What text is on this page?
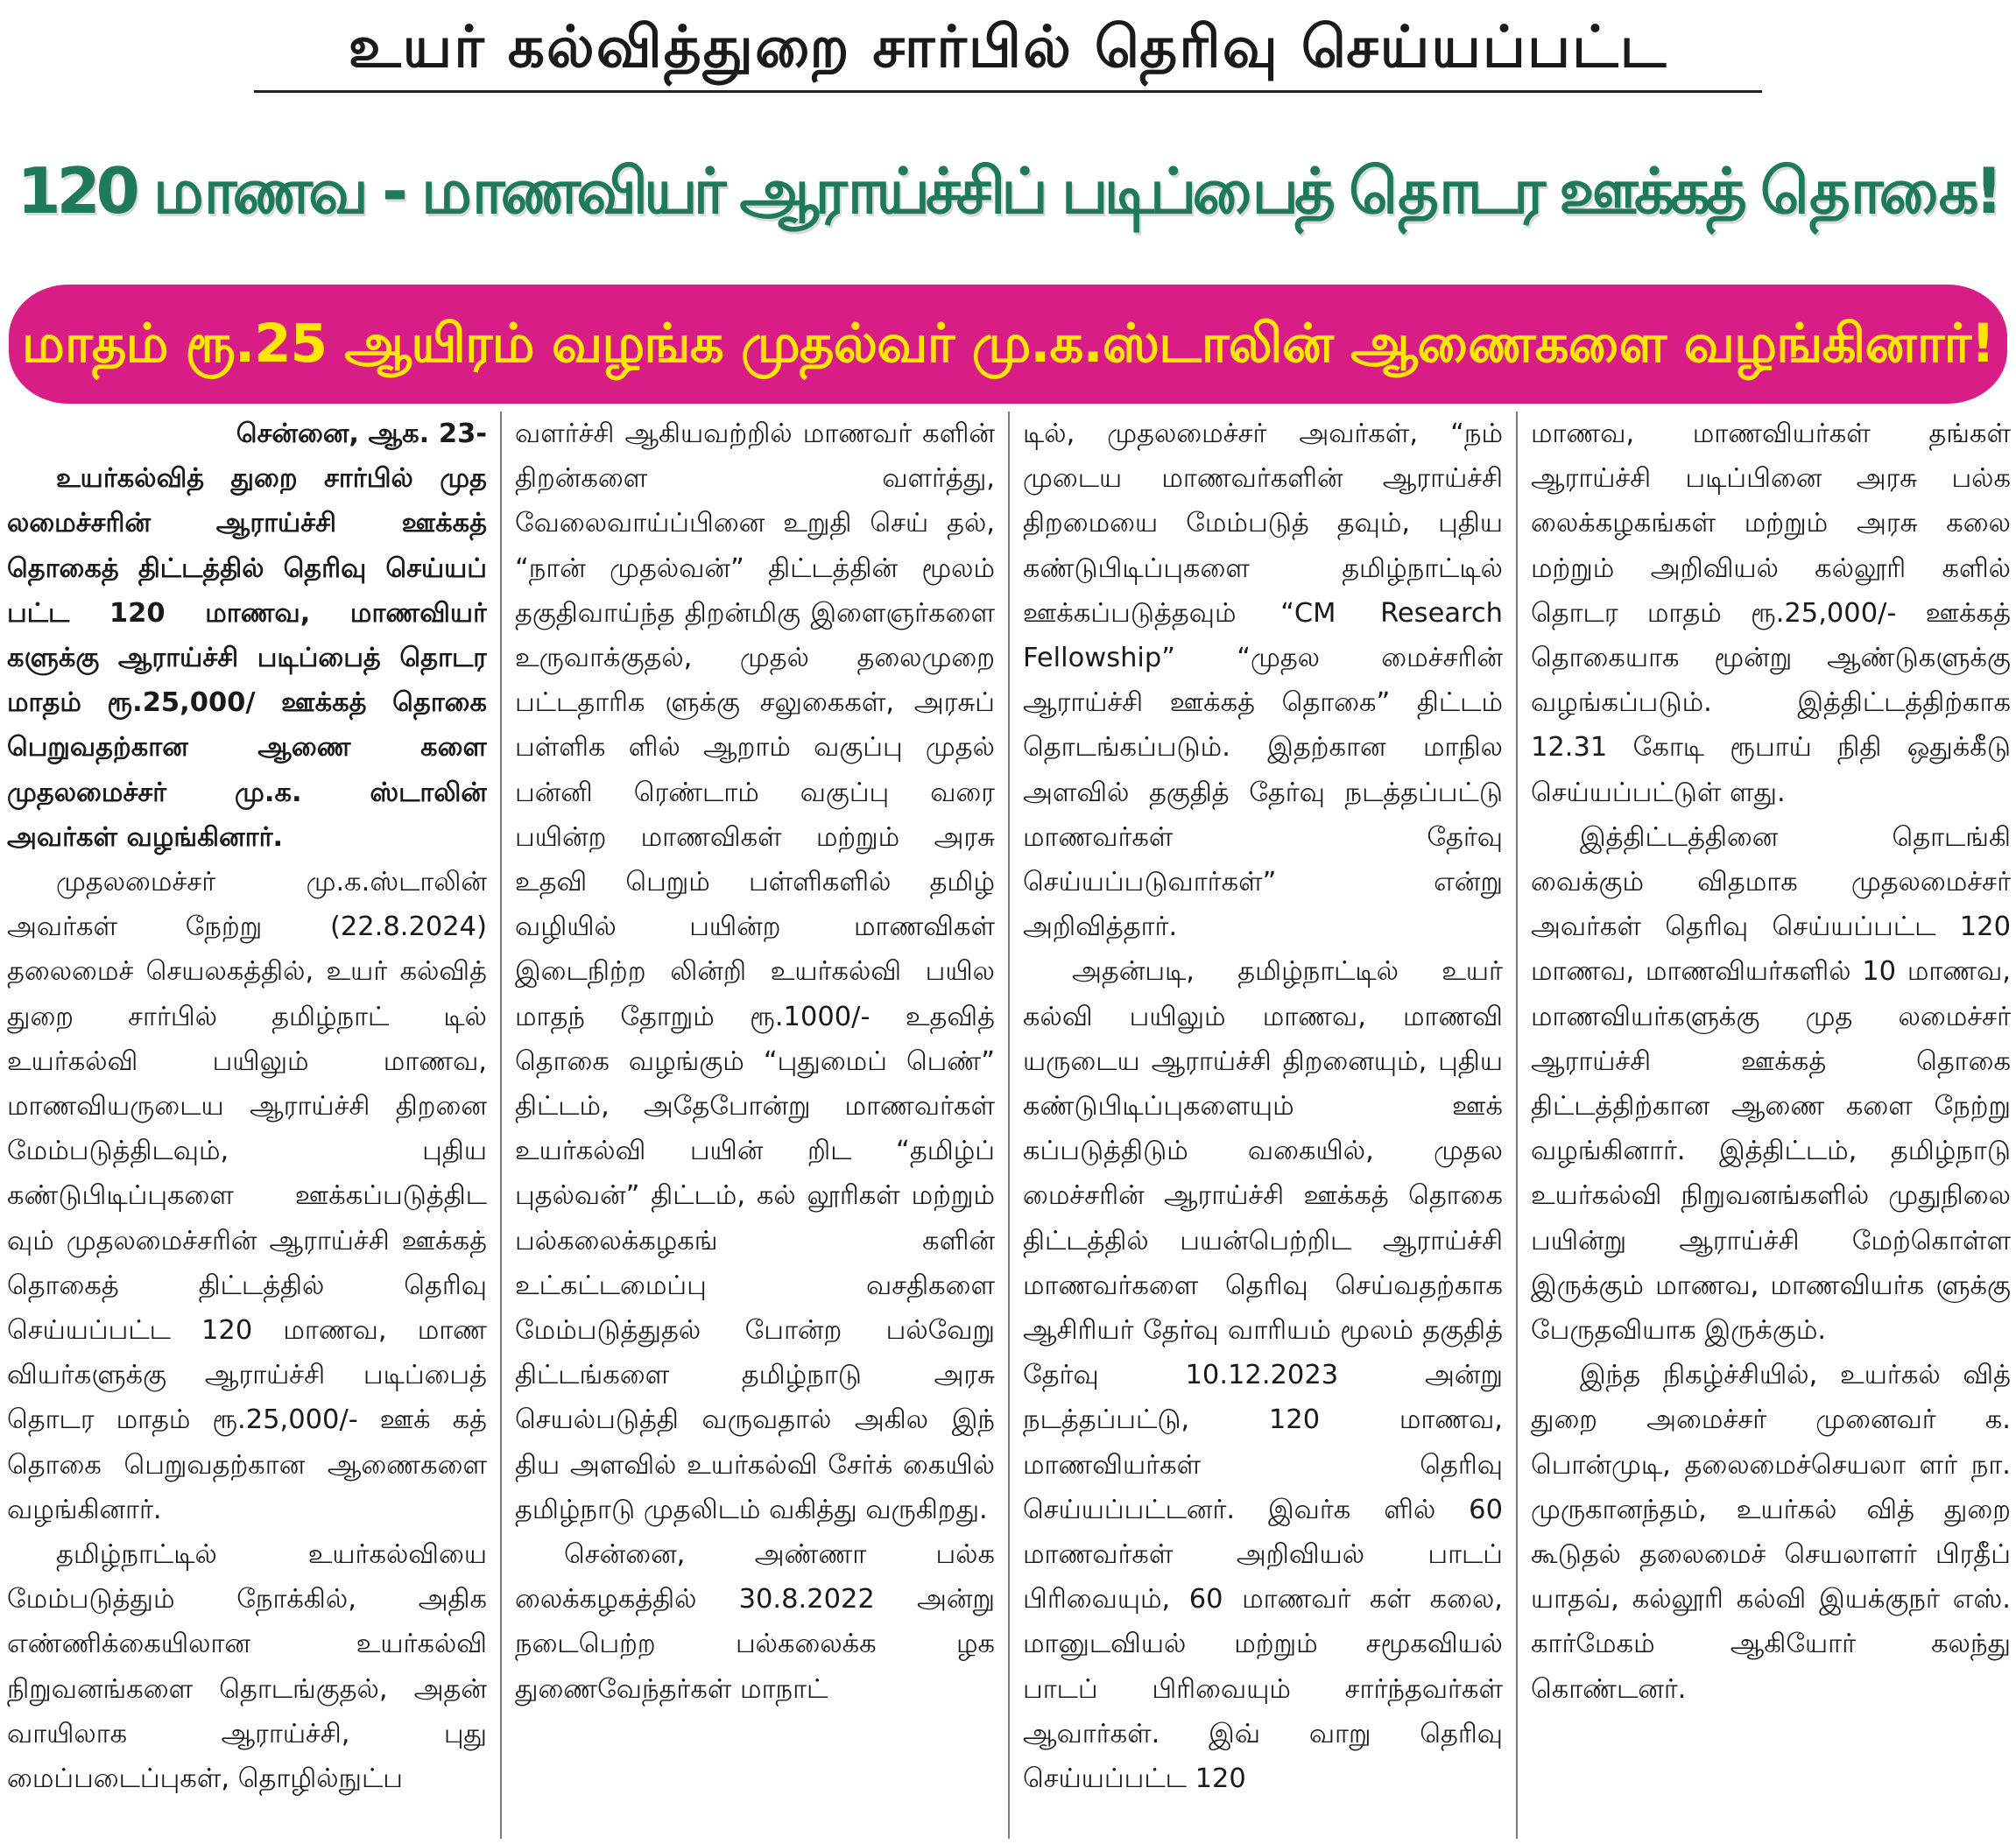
உயர் கல்வித்துறை சார்பில் தெரிவு செய்யப்பட்ட
120 மாணவ - மாணவியர் ஆராய்ச்சிப் படிப்பைத் தொடர ஊக்கத் தொகை!
மாதம் ரூ.25 ஆயிரம் வழங்க முதல்வர் மு.க.ஸ்டாலின் ஆணைகளை வழங்கினார்!

சென்னை, ஆக. 23-

உயர்கல்வித் துறை சார்பில் முத லமைச்சரின் ஆராய்ச்சி ஊக்கத் தொகைத் திட்டத்தில் தெரிவு செய்யப் பட்ட 120 மாணவ, மாணவியர் களுக்கு ஆராய்ச்சி படிப்பைத் தொடர மாதம் ரூ.25,000/ ஊக்கத் தொகை பெறுவதற்கான ஆணை களை முதலமைச்சர் மு.க. ஸ்டாலின் அவர்கள் வழங்கினார்.

முதலமைச்சர் மு.க.ஸ்டாலின் அவர்கள் நேற்று (22.8.2024) தலைமைச் செயலகத்தில், உயர் கல்வித் துறை சார்பில் தமிழ்நாட் டில் உயர்கல்வி பயிலும் மாணவ, மாணவியருடைய ஆராய்ச்சி திறனை மேம்படுத்திடவும், புதிய கண்டுபிடிப்புகளை ஊக்கப்படுத்திட வும் முதலமைச்சரின் ஆராய்ச்சி ஊக்கத் தொகைத் திட்டத்தில் தெரிவு செய்யப்பட்ட 120 மாணவ, மாண வியர்களுக்கு ஆராய்ச்சி படிப்பைத் தொடர மாதம் ரூ.25,000/- ஊக் கத் தொகை பெறுவதற்கான ஆணைகளை வழங்கினார்.

தமிழ்நாட்டில் உயர்கல்வியை மேம்படுத்தும் நோக்கில், அதிக எண்ணிக்கையிலான உயர்கல்வி நிறுவனங்களை தொடங்குதல், அதன் வாயிலாக ஆராய்ச்சி, புது மைப்படைப்புகள், தொழில்நுட்ப

வளர்ச்சி ஆகியவற்றில் மாணவர் களின் திறன்களை வளர்த்து, வேலைவாய்ப்பினை உறுதி செய் தல், “நான் முதல்வன்” திட்டத்தின் மூலம் தகுதிவாய்ந்த திறன்மிகு இளைஞர்களை உருவாக்குதல், முதல் தலைமுறை பட்டதாரிக ளுக்கு சலுகைகள், அரசுப் பள்ளிக ளில் ஆறாம் வகுப்பு முதல் பன்னி ரெண்டாம் வகுப்பு வரை பயின்ற மாணவிகள் மற்றும் அரசு உதவி பெறும் பள்ளிகளில் தமிழ் வழியில் பயின்ற மாணவிகள் இடைநிற்ற லின்றி உயர்கல்வி பயில மாதந் தோறும் ரூ.1000/- உதவித் தொகை வழங்கும் “புதுமைப் பெண்” திட்டம், அதேபோன்று மாணவர்கள் உயர்கல்வி பயின் றிட “தமிழ்ப் புதல்வன்” திட்டம், கல் லூரிகள் மற்றும் பல்கலைக்கழகங் களின் உட்கட்டமைப்பு வசதிகளை மேம்படுத்துதல் போன்ற பல்வேறு திட்டங்களை தமிழ்நாடு அரசு செயல்படுத்தி வருவதால் அகில இந் திய அளவில் உயர்கல்வி சேர்க் கையில் தமிழ்நாடு முதலிடம் வகித்து வருகிறது.

சென்னை, அண்ணா பல்க லைக்கழகத்தில் 30.8.2022 அன்று நடைபெற்ற பல்கலைக்க ழக துணைவேந்தர்கள் மாநாட்

டில், முதலமைச்சர் அவர்கள், “நம் முடைய மாணவர்களின் ஆராய்ச்சி திறமையை மேம்படுத் தவும், புதிய கண்டுபிடிப்புகளை தமிழ்நாட்டில் ஊக்கப்படுத்தவும் “CM Research Fellowship” “முதல மைச்சரின் ஆராய்ச்சி ஊக்கத் தொகை” திட்டம் தொடங்கப்படும். இதற்கான மாநில அளவில் தகுதித் தேர்வு நடத்தப்பட்டு மாணவர்கள் தேர்வு செய்யப்படுவார்கள்” என்று அறிவித்தார்.

அதன்படி, தமிழ்நாட்டில் உயர் கல்வி பயிலும் மாணவ, மாணவி யருடைய ஆராய்ச்சி திறனையும், புதிய கண்டுபிடிப்புகளையும் ஊக் கப்படுத்திடும் வகையில், முதல மைச்சரின் ஆராய்ச்சி ஊக்கத் தொகை திட்டத்தில் பயன்பெற்றிட ஆராய்ச்சி மாணவர்களை தெரிவு செய்வதற்காக ஆசிரியர் தேர்வு வாரியம் மூலம் தகுதித் தேர்வு 10.12.2023 அன்று நடத்தப்பட்டு, 120 மாணவ, மாணவியர்கள் தெரிவு செய்யப்பட்டனர். இவர்க ளில் 60 மாணவர்கள் அறிவியல் பாடப் பிரிவையும், 60 மாணவர் கள் கலை, மானுடவியல் மற்றும் சமூகவியல் பாடப் பிரிவையும் சார்ந்தவர்கள் ஆவார்கள். இவ் வாறு தெரிவு செய்யப்பட்ட 120

மாணவ, மாணவியர்கள் தங்கள் ஆராய்ச்சி படிப்பினை அரசு பல்க லைக்கழகங்கள் மற்றும் அரசு கலை மற்றும் அறிவியல் கல்லூரி களில் தொடர மாதம் ரூ.25,000/- ஊக்கத் தொகையாக மூன்று ஆண்டுகளுக்கு வழங்கப்படும். இத்திட்டத்திற்காக 12.31 கோடி ரூபாய் நிதி ஒதுக்கீடு செய்யப்பட்டுள் ளது.

இத்திட்டத்தினை தொடங்கி வைக்கும் விதமாக முதலமைச்சர் அவர்கள் தெரிவு செய்யப்பட்ட 120 மாணவ, மாணவியர்களில் 10 மாணவ, மாணவியர்களுக்கு முத லமைச்சர் ஆராய்ச்சி ஊக்கத் தொகை திட்டத்திற்கான ஆணை களை நேற்று வழங்கினார். இத்திட்டம், தமிழ்நாடு உயர்கல்வி நிறுவனங்களில் முதுநிலை பயின்று ஆராய்ச்சி மேற்கொள்ள இருக்கும் மாணவ, மாணவியர்க ளுக்கு பேருதவியாக இருக்கும்.

இந்த நிகழ்ச்சியில், உயர்கல் வித் துறை அமைச்சர் முனைவர் க. பொன்முடி, தலைமைச்செயலா ளர் நா. முருகானந்தம், உயர்கல் வித் துறை கூடுதல் தலைமைச் செயலாளர் பிரதீப் யாதவ், கல்லூரி கல்வி இயக்குநர் எஸ். கார்மேகம் ஆகியோர் கலந்து கொண்டனர்.
